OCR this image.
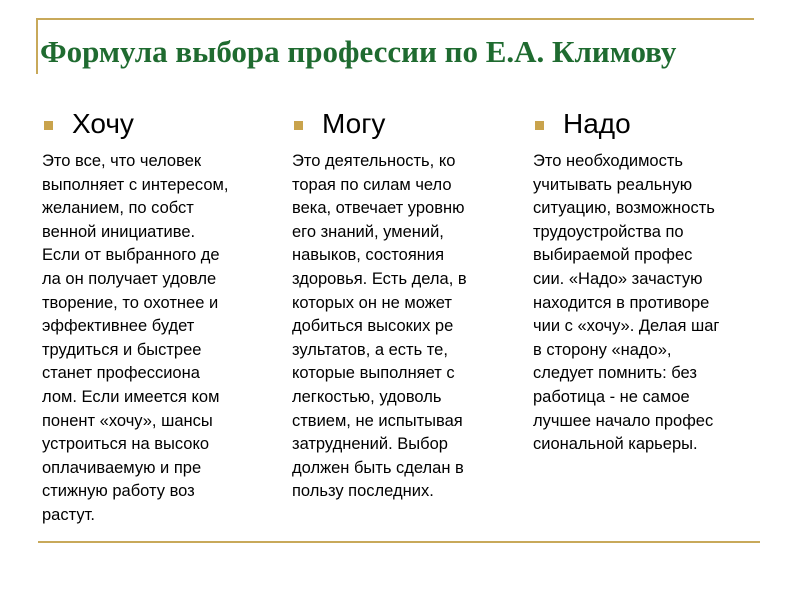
Формула выбора профессии по Е.А. Климову
Хочу
Это все, что человек
выполняет с интересом,
желанием, по собст
венной инициативе.
Если от выбранного де
ла он получает удовле
творение, то охотнее и
эффективнее будет
трудиться и быстрее
станет профессиона
лом. Если имеется ком
понент «хочу», шансы
устроиться на высоко
оплачиваемую и пре
стижную работу воз
растут.
Могу
Это деятельность, ко
торая по силам чело
века, отвечает уровню
его знаний, умений,
навыков, состояния
здоровья. Есть дела, в
которых он не может
добиться высоких ре
зультатов, а есть те,
которые выполняет с
легкостью, удоволь
ствием, не испытывая
затруднений. Выбор
должен быть сделан в
пользу последних.
Надо
Это необходимость
учитывать реальную
ситуацию, возможность
трудоустройства по
выбираемой профес
сии. «Надо» зачастую
находится в противоре
чии с «хочу». Делая шаг
в сторону «надо»,
следует помнить: без
работица - не самое
лучшее начало профес
сиональной карьеры.
